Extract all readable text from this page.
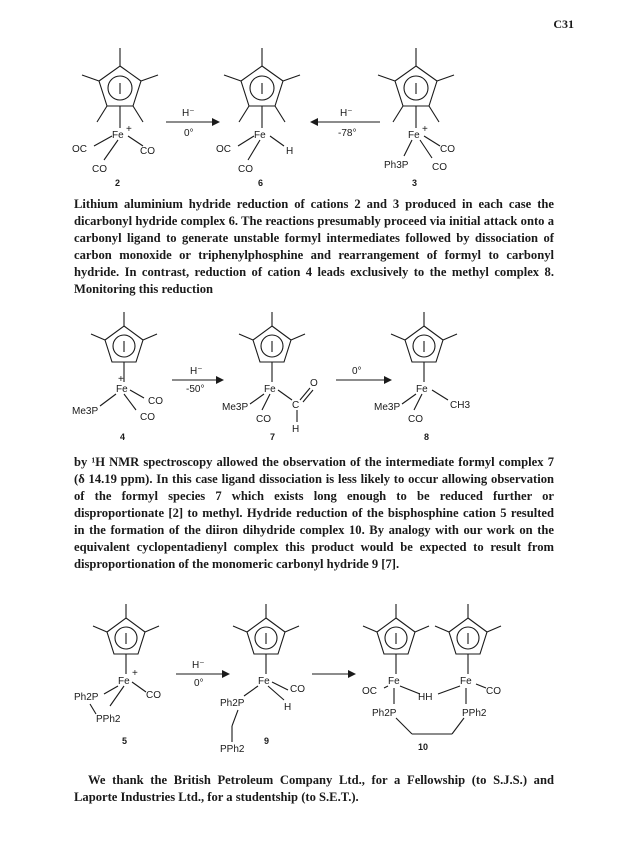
C31
Fe
+
OC	CO
CO
2
H⁻
0°	Fe
OC	H
CO
6
H⁻
-78°	Fe
+
CO
Ph3P CO
3

Lithium aluminium hydride reduction of cations 2 and 3 produced in each case the dicarbonyl hydride complex 6. The reactions presumably proceed via initial attack onto a carbonyl ligand to generate unstable formyl intermediates followed by dissociation of carbon monoxide or triphenylphosphine and rearrangement of formyl to carbonyl hydride. In contrast, reduction of cation 4 leads exclusively to the methyl complex 8. Monitoring this reduction

Fe
+
CO
Me3P
CO
4
H⁻
-50°	Fe
Me3P
CO
C
O
H
7
0°
Fe
Me3P
CO
CH3
8

by ¹H NMR spectroscopy allowed the observation of the intermediate formyl complex 7 (δ 14.19 ppm). In this case ligand dissociation is less likely to occur allowing observation of the formyl species 7 which exists long enough to be reduced further or disproportionate [2] to methyl. Hydride reduction of the bisphosphine cation 5 resulted in the formation of the diiron dihydride complex 10. By analogy with our work on the equivalent cyclopentadienyl complex this product would be expected to result from disproportionation of the monomeric carbonyl hydride 9 [7].

Fe
+
CO
Ph2P
PPh2
5
H⁻
0°	Fe
CO
H
Ph2P
PPh2
9
Fe	Fe
OC	CO
HH
Ph2P	PPh2
10

We thank the British Petroleum Company Ltd., for a Fellowship (to S.J.S.) and Laporte Industries Ltd., for a studentship (to S.E.T.).
